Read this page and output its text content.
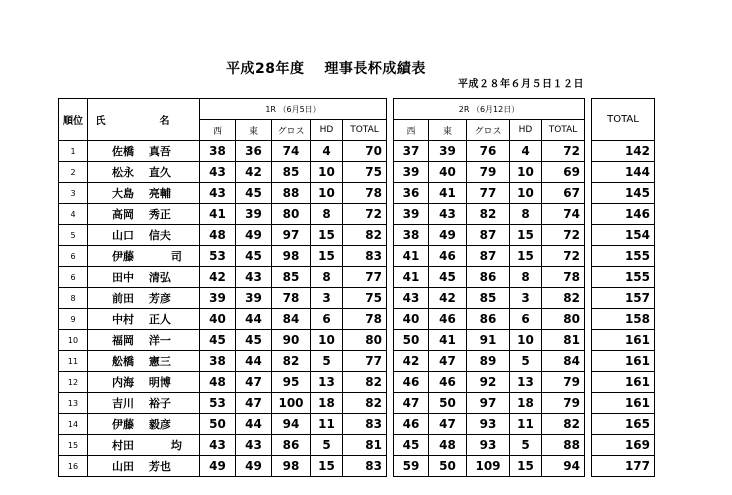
平成28年度　 理事長杯成績表
平成２８年６月５日１２日
順位	氏　名	1R （6月5日）						2R （6月12日）						TOTAL
		西	東	グロス	HD	TOTAL		西	東	グロス	HD	TOTAL		
1	佐橋　 真吾	38	36	74	4	70		37	39	76	4	72		142
2	松永　 直久	43	42	85	10	75		39	40	79	10	69		144
3	大島　 亮輔	43	45	88	10	78		36	41	77	10	67		145
4	高岡　 秀正	41	39	80	8	72		39	43	82	8	74		146
5	山口　 信夫	48	49	97	15	82		38	49	87	15	72		154
6	伊藤　　　 司	53	45	98	15	83		41	46	87	15	72		155
6	田中　 清弘	42	43	85	8	77		41	45	86	8	78		155
8	前田　 芳彦	39	39	78	3	75		43	42	85	3	82		157
9	中村　 正人	40	44	84	6	78		40	46	86	6	80		158
10	福岡　 洋一	45	45	90	10	80		50	41	91	10	81		161
11	舩橋　 憲三	38	44	82	5	77		42	47	89	5	84		161
12	内海　 明博	48	47	95	13	82		46	46	92	13	79		161
13	吉川　 裕子	53	47	100	18	82		47	50	97	18	79		161
14	伊藤　 毅彦	50	44	94	11	83		46	47	93	11	82		165
15	村田　　　 均	43	43	86	5	81		45	48	93	5	88		169
16	山田　 芳也	49	49	98	15	83		59	50	109	15	94		177
